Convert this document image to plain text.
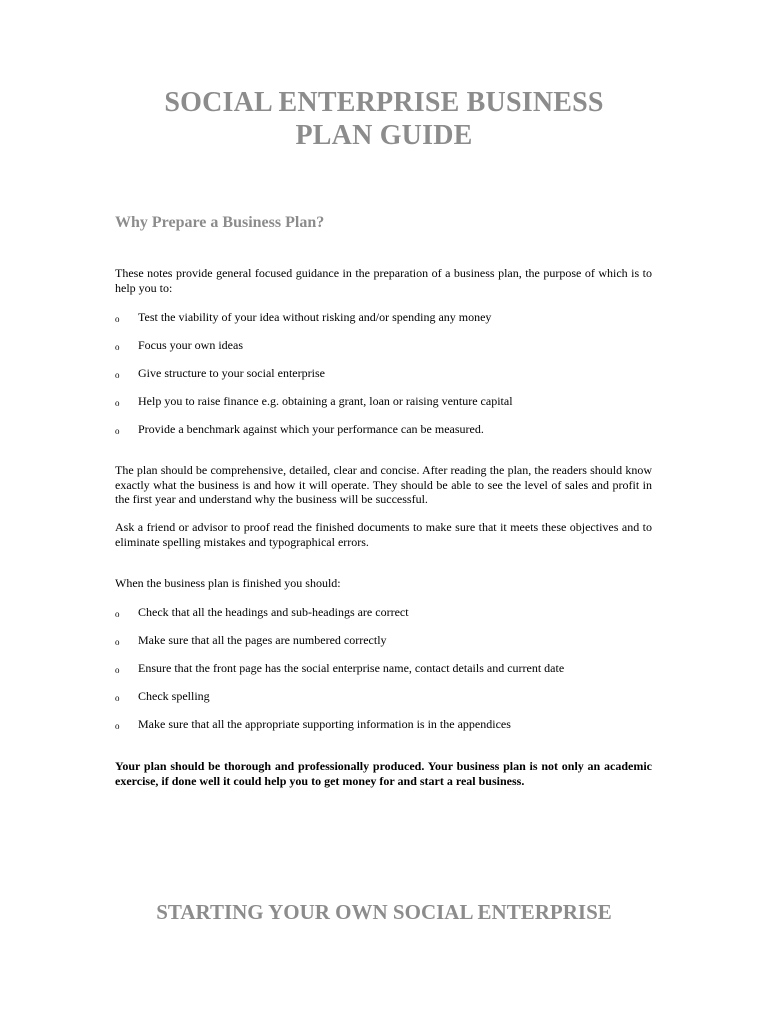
SOCIAL ENTERPRISE BUSINESS
PLAN GUIDE
Why Prepare a Business Plan?
These notes provide general focused guidance in the preparation of a business plan, the purpose of which is to help you to:
o Test the viability of your idea without risking and/or spending any money
o Focus your own ideas
o Give structure to your social enterprise
o Help you to raise finance e.g. obtaining a grant, loan or raising venture capital
o Provide a benchmark against which your performance can be measured.
The plan should be comprehensive, detailed, clear and concise. After reading the plan, the readers should know exactly what the business is and how it will operate. They should be able to see the level of sales and profit in the first year and understand why the business will be successful.
Ask a friend or advisor to proof read the finished documents to make sure that it meets these objectives and to eliminate spelling mistakes and typographical errors.
When the business plan is finished you should:
o Check that all the headings and sub-headings are correct
o Make sure that all the pages are numbered correctly
o Ensure that the front page has the social enterprise name, contact details and current date
o Check spelling
o Make sure that all the appropriate supporting information is in the appendices
Your plan should be thorough and professionally produced. Your business plan is not only an academic exercise, if done well it could help you to get money for and start a real business.
STARTING YOUR OWN SOCIAL ENTERPRISE
